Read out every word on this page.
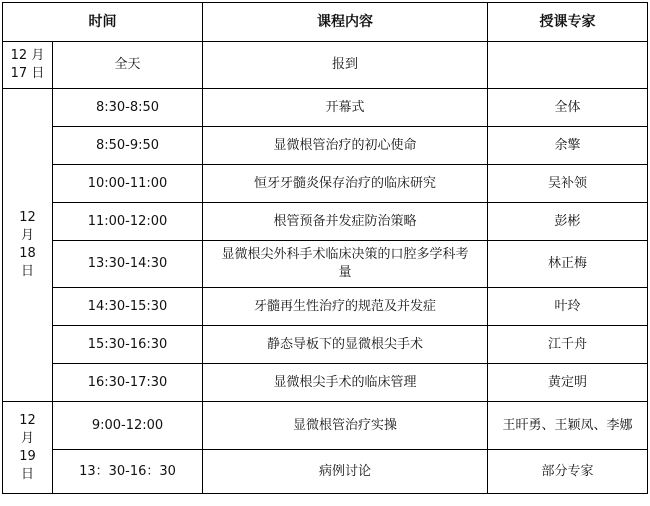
时间		课程内容	授课专家

12 月
17 日	全天	报到	

12
月
18
日	8:30-8:50	开幕式	全体
	8:50-9:50	显微根管治疗的初心使命	余擎
	10:00-11:00	恒牙牙髓炎保存治疗的临床研究	吴补领
	11:00-12:00	根管预备并发症防治策略	彭彬
	13:30-14:30	显微根尖外科手术临床决策的口腔多学科考量	林正梅
	14:30-15:30	牙髓再生性治疗的规范及并发症	叶玲
	15:30-16:30	静态导板下的显微根尖手术	江千舟
	16:30-17:30	显微根尖手术的临床管理	黄定明

12
月
19
日	9:00-12:00	显微根管治疗实操	王旰勇、王颖凤、李娜
	13：30-16：30	病例讨论	部分专家
